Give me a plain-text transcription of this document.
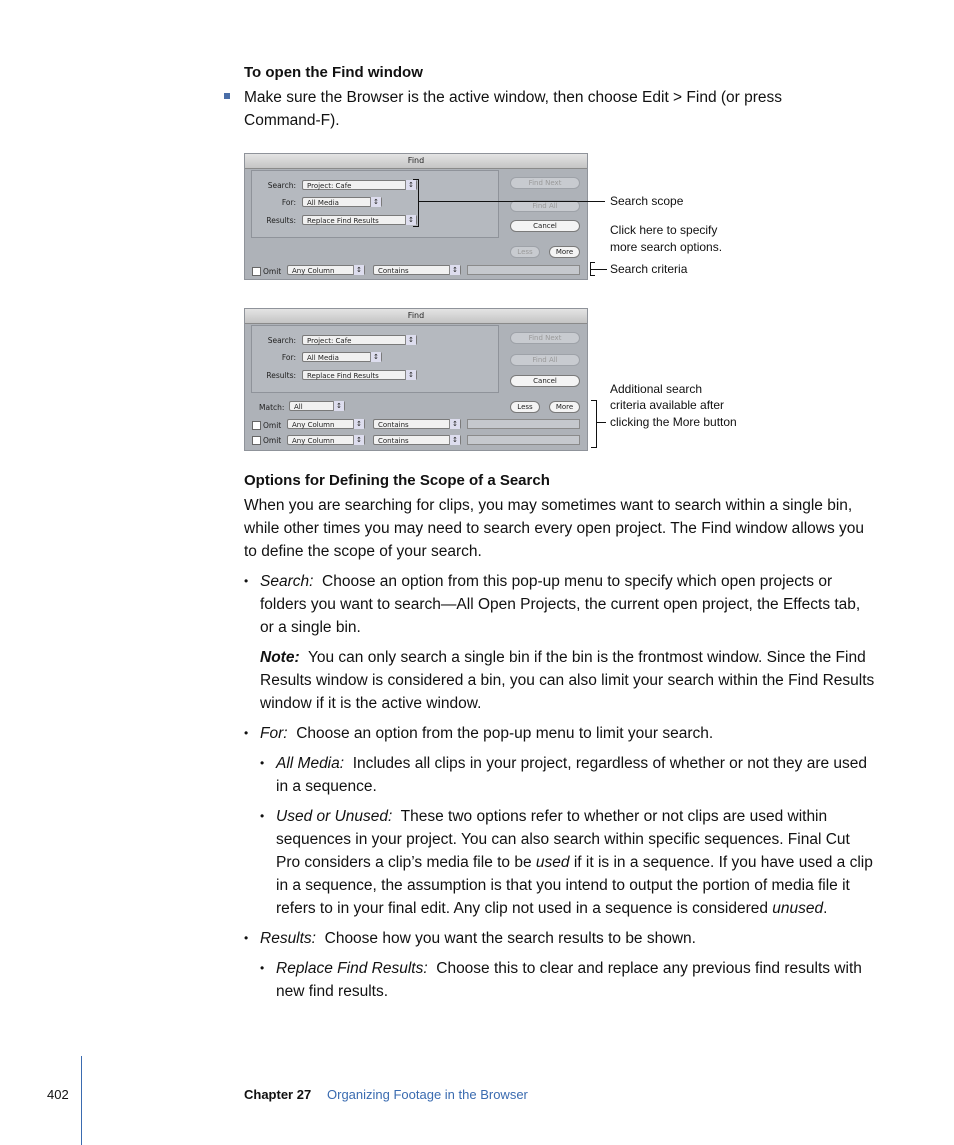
To open the Find window
Make sure the Browser is the active window, then choose Edit > Find (or press Command-F).
Find
Search:	Project: Cafe ↕
For:	All Media ↕
Results:	Replace Find Results ↕
Find Next
Find All
Cancel
Less	More
Omit	Any Column ↕	Contains ↕
Search scope
Click here to specify
more search options.
Search criteria
Find
Search:	Project: Cafe ↕
For:	All Media ↕
Results:	Replace Find Results ↕
Find Next
Find All
Cancel
Match:	All ↕	Less	More
Omit	Any Column ↕	Contains ↕
Omit	Any Column ↕	Contains ↕
Additional search
criteria available after
clicking the More button
Options for Defining the Scope of a Search
When you are searching for clips, you may sometimes want to search within a single bin, while other times you may need to search every open project. The Find window allows you to define the scope of your search.
• Search: Choose an option from this pop-up menu to specify which open projects or folders you want to search—All Open Projects, the current open project, the Effects tab, or a single bin.
Note: You can only search a single bin if the bin is the frontmost window. Since the Find Results window is considered a bin, you can also limit your search within the Find Results window if it is the active window.
• For: Choose an option from the pop-up menu to limit your search.
• All Media: Includes all clips in your project, regardless of whether or not they are used in a sequence.
• Used or Unused: These two options refer to whether or not clips are used within sequences in your project. You can also search within specific sequences. Final Cut Pro considers a clip’s media file to be used if it is in a sequence. If you have used a clip in a sequence, the assumption is that you intend to output the portion of media file it refers to in your final edit. Any clip not used in a sequence is considered unused.
• Results: Choose how you want the search results to be shown.
• Replace Find Results: Choose this to clear and replace any previous find results with new find results.
402	Chapter 27 Organizing Footage in the Browser
